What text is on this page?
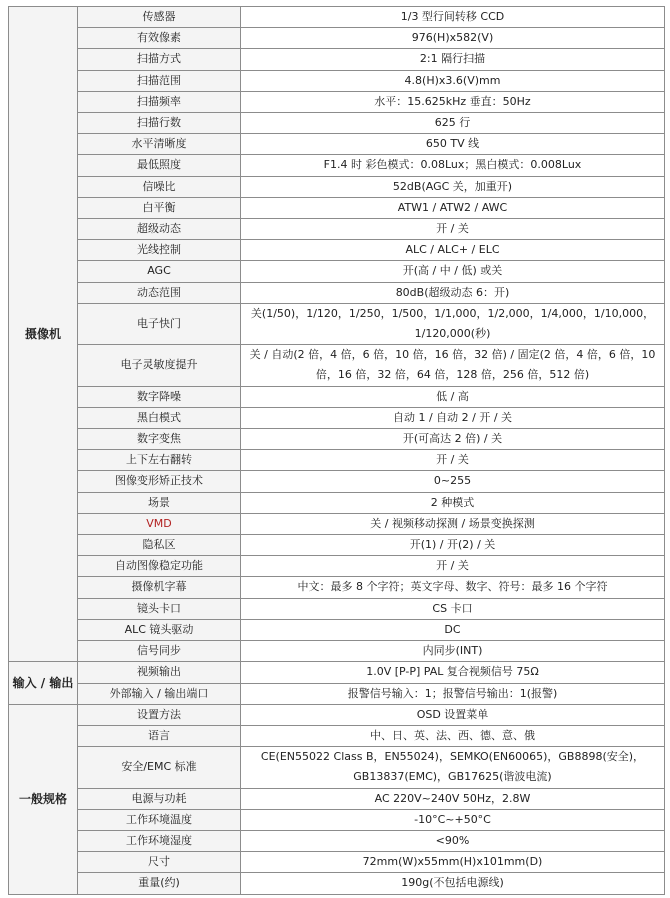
摄像机	传感器	1/3 型行间转移 CCD
	有效像素	976(H)x582(V)
	扫描方式	2:1 隔行扫描
	扫描范围	4.8(H)x3.6(V)mm
	扫描频率	水平：15.625kHz 垂直：50Hz
	扫描行数	625 行
	水平清晰度	650 TV 线
	最低照度	F1.4 时 彩色模式：0.08Lux；黑白模式：0.008Lux
	信噪比	52dB(AGC 关，加重开)
	白平衡	ATW1 / ATW2 / AWC
	超级动态	开 / 关
	光线控制	ALC / ALC+ / ELC
	AGC	开(高 / 中 / 低) 或关
	动态范围	80dB(超级动态 6：开)
	电子快门	关(1/50)，1/120，1/250，1/500，1/1,000，1/2,000，1/4,000，1/10,000，1/120,000(秒)
	电子灵敏度提升	关 / 自动(2 倍，4 倍，6 倍，10 倍，16 倍，32 倍) / 固定(2 倍，4 倍，6 倍，10 倍，16 倍，32 倍，64 倍，128 倍，256 倍，512 倍)
	数字降噪	低 / 高
	黑白模式	自动 1 / 自动 2 / 开 / 关
	数字变焦	开(可高达 2 倍) / 关
	上下左右翻转	开 / 关
	图像变形矫正技术	0~255
	场景	2 种模式
	VMD	关 / 视频移动探测 / 场景变换探测
	隐私区	开(1) / 开(2) / 关
	自动图像稳定功能	开 / 关
	摄像机字幕	中文：最多 8 个字符；英文字母、数字、符号：最多 16 个字符
	镜头卡口	CS 卡口
	ALC 镜头驱动	DC
	信号同步	内同步(INT)
输入 / 输出	视频输出	1.0V [P-P] PAL 复合视频信号 75Ω
	外部输入 / 输出端口	报警信号输入：1；报警信号输出：1(报警)
一般规格	设置方法	OSD 设置菜单
	语言	中、日、英、法、西、德、意、俄
	安全/EMC 标准	CE(EN55022 Class B，EN55024)，SEMKO(EN60065)，GB8898(安全)，GB13837(EMC)，GB17625(谐波电流)
	电源与功耗	AC 220V~240V 50Hz，2.8W
	工作环境温度	-10°C~+50°C
	工作环境湿度	<90%
	尺寸	72mm(W)x55mm(H)x101mm(D)
	重量(约)	190g(不包括电源线)
